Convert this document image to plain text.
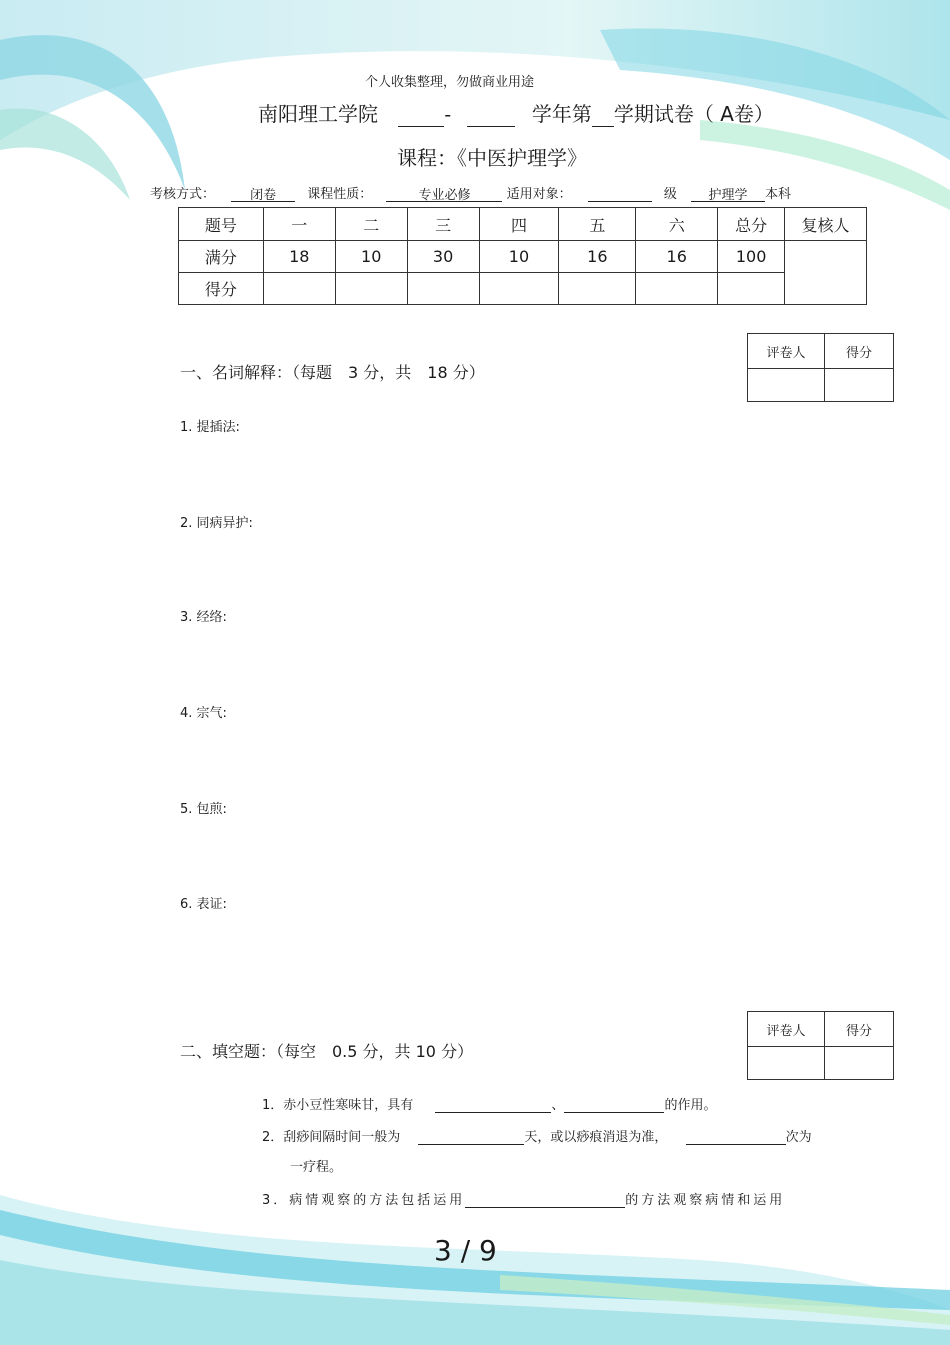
个人收集整理，勿做商业用途
南阳理工学院	-	学年第 学期试卷（ A卷）
课程：《中医护理学》
考核方式：	闭卷 课程性质：	专业必修	适用对象：	级 护理学 本科
题号	一	二	三	四	五	六	总分	复核人
满分	18	10	30	10	16	16	100	
得分								
评卷人	得分

一、名词解释：（每题　3 分，共　18 分）
1. 提插法:
2. 同病异护:
3. 经络:
4. 宗气:
5. 包煎:
6. 表证:
评卷人	得分

二、填空题：（每空　0.5 分，共 10 分）
1．赤小豆性寒味甘，具有	、	的作用。
2．刮痧间隔时间一般为	天，或以痧痕消退为准，	次为
一疗程。
3．病情观察的方法包括运用	的方法观察病情和运用
3 / 9
